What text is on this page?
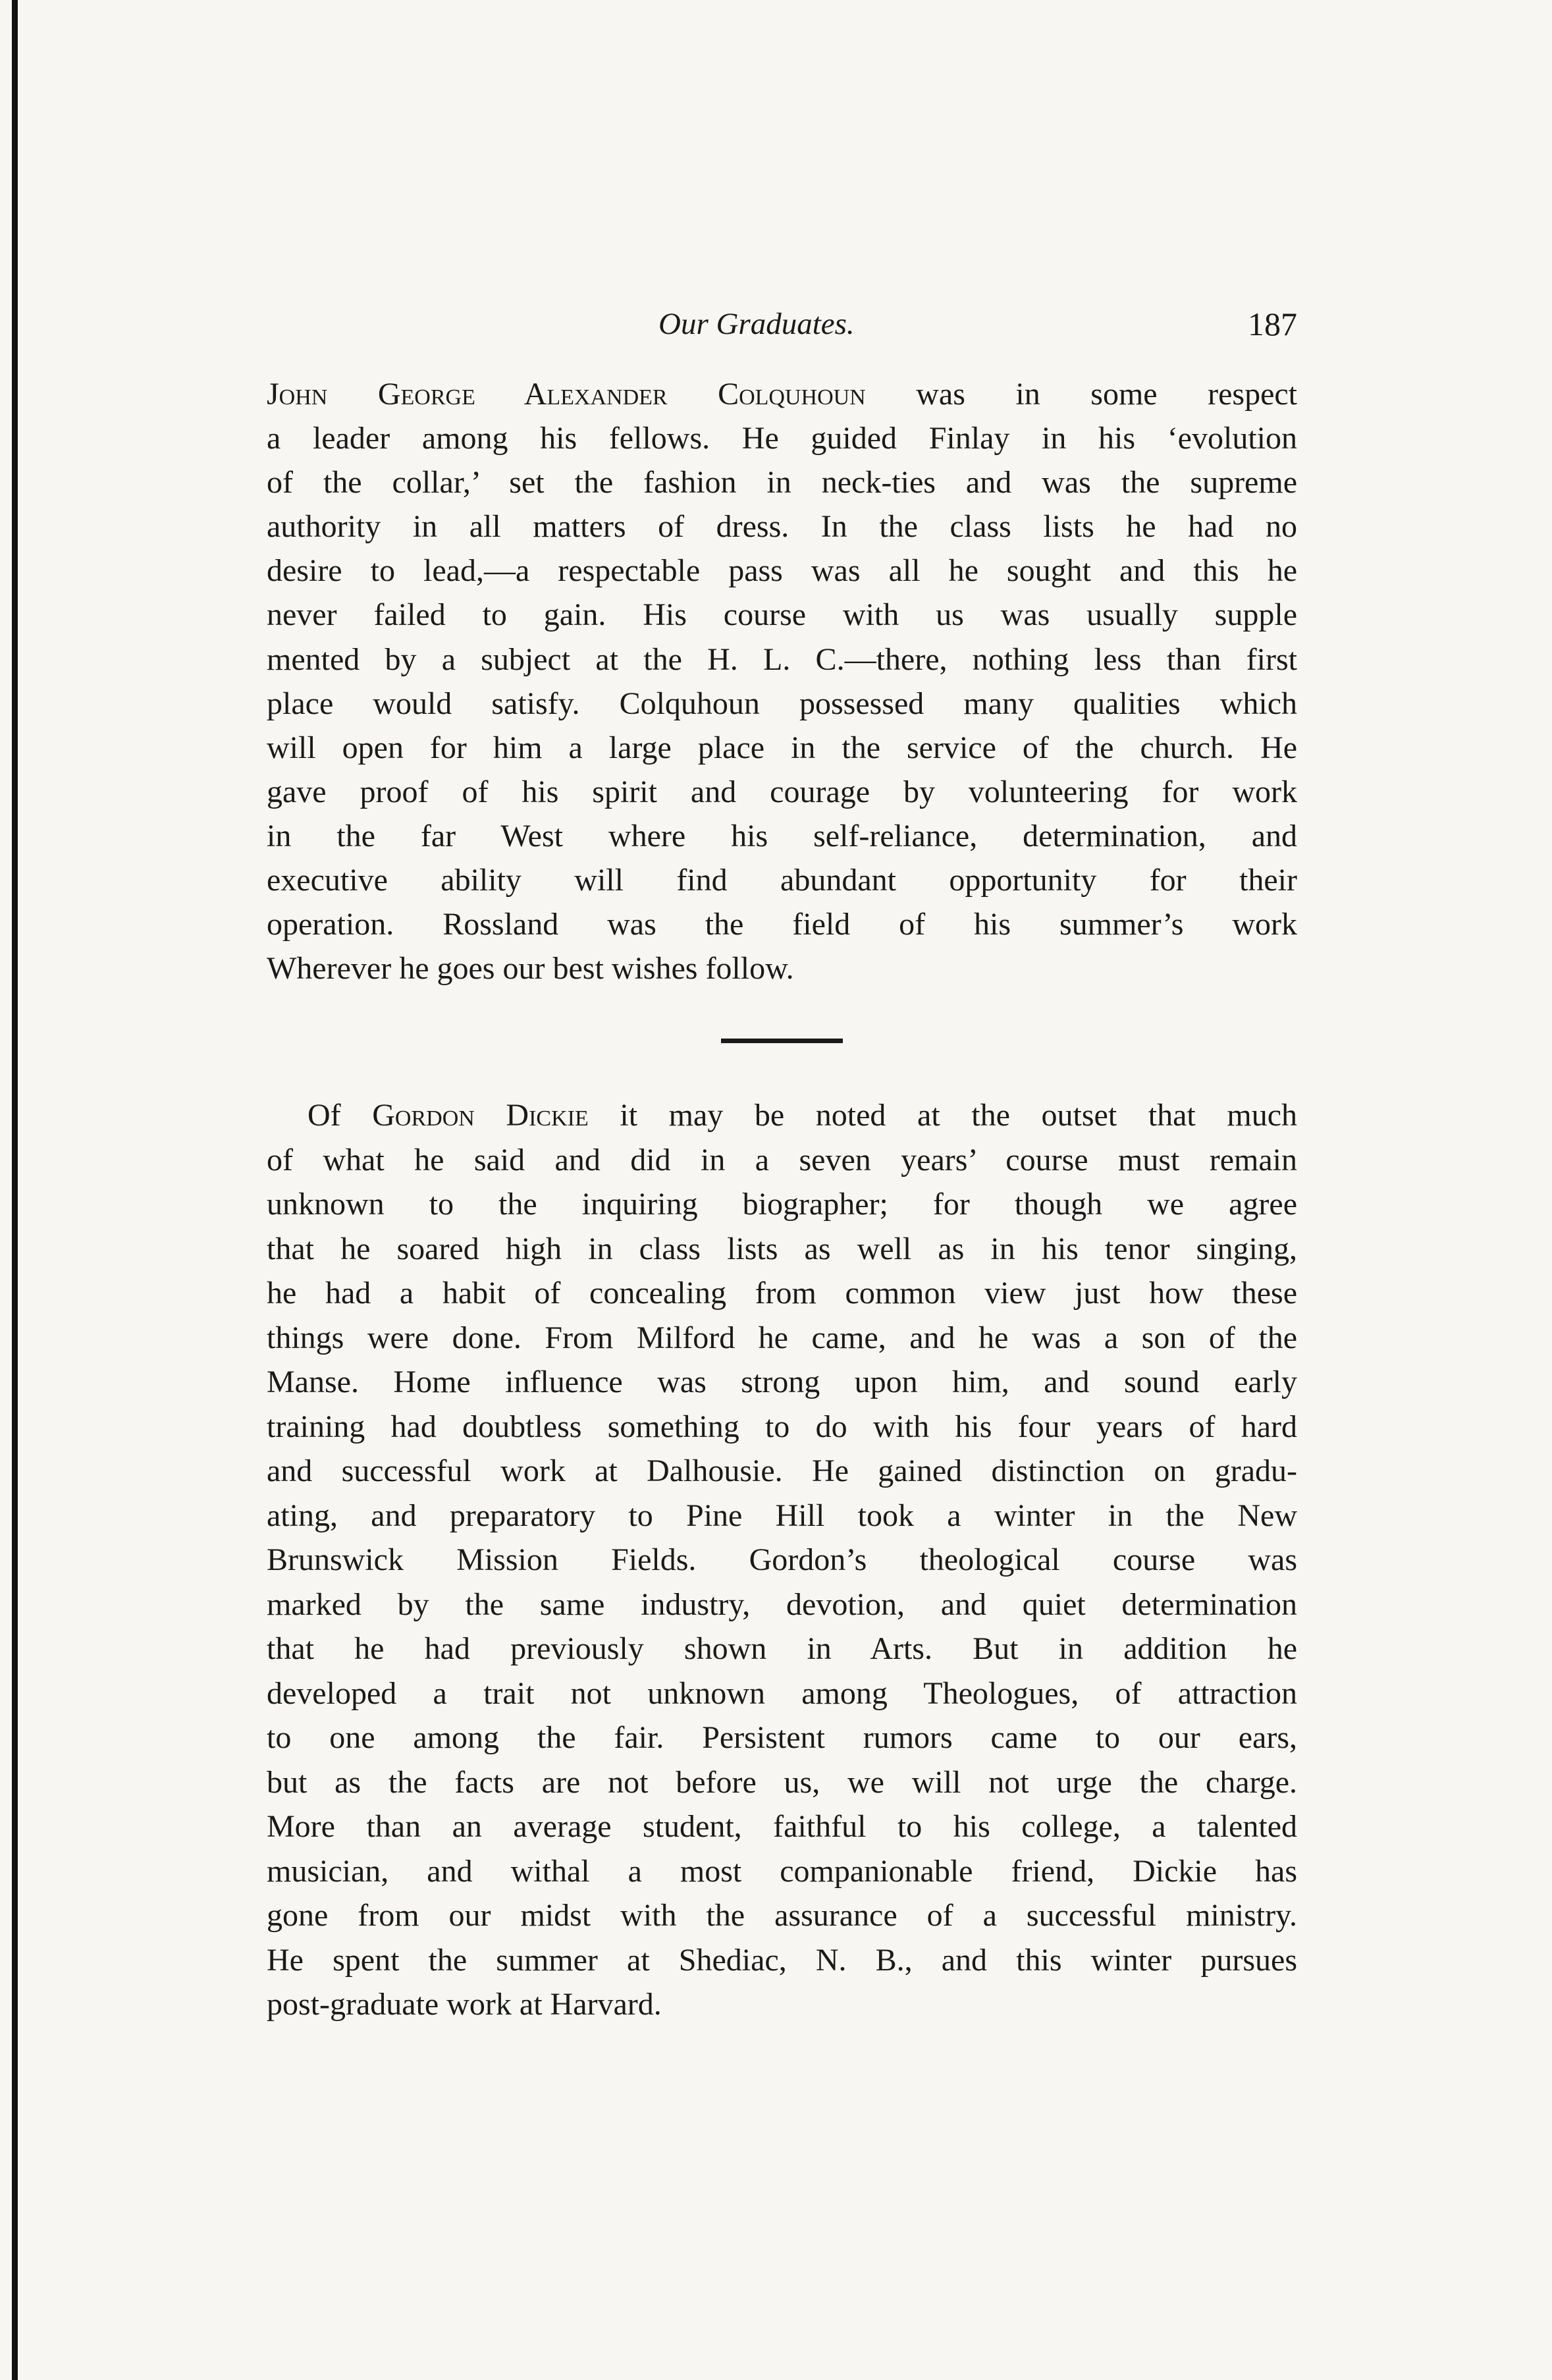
Our Graduates.	187
John George Alexander Colquhoun was in some respect
a leader among his fellows. He guided Finlay in his ‘evolution
of the collar,’ set the fashion in neck-ties and was the supreme
authority in all matters of dress. In the class lists he had no
desire to lead,—a respectable pass was all he sought and this he
never failed to gain. His course with us was usually supple
mented by a subject at the H. L. C.—there, nothing less than first
place would satisfy. Colquhoun possessed many qualities which
will open for him a large place in the service of the church. He
gave proof of his spirit and courage by volunteering for work
in the far West where his self-reliance, determination, and
executive ability will find abundant opportunity for their
operation. Rossland was the field of his summer’s work
Wherever he goes our best wishes follow.
Of Gordon Dickie it may be noted at the outset that much
of what he said and did in a seven years’ course must remain
unknown to the inquiring biographer; for though we agree
that he soared high in class lists as well as in his tenor singing,
he had a habit of concealing from common view just how these
things were done. From Milford he came, and he was a son of the
Manse. Home influence was strong upon him, and sound early
training had doubtless something to do with his four years of hard
and successful work at Dalhousie. He gained distinction on gradu-
ating, and preparatory to Pine Hill took a winter in the New
Brunswick Mission Fields. Gordon’s theological course was
marked by the same industry, devotion, and quiet determination
that he had previously shown in Arts. But in addition he
developed a trait not unknown among Theologues, of attraction
to one among the fair. Persistent rumors came to our ears,
but as the facts are not before us, we will not urge the charge.
More than an average student, faithful to his college, a talented
musician, and withal a most companionable friend, Dickie has
gone from our midst with the assurance of a successful ministry.
He spent the summer at Shediac, N. B., and this winter pursues
post-graduate work at Harvard.
